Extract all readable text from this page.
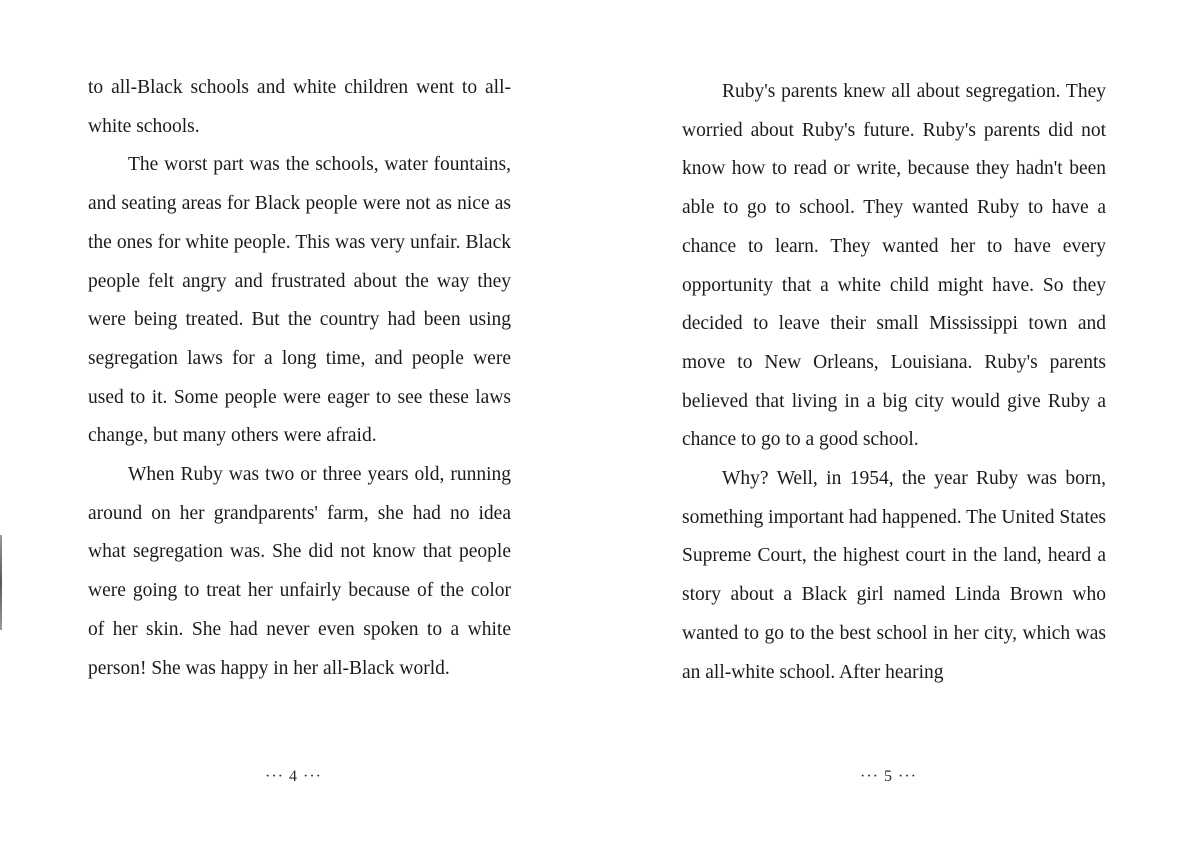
to all-Black schools and white children went to all-white schools.

The worst part was the schools, water fountains, and seating areas for Black people were not as nice as the ones for white people. This was very unfair. Black people felt angry and frustrated about the way they were being treated. But the country had been using segregation laws for a long time, and people were used to it. Some people were eager to see these laws change, but many others were afraid.

When Ruby was two or three years old, running around on her grandparents' farm, she had no idea what segregation was. She did not know that people were going to treat her unfairly because of the color of her skin. She had never even spoken to a white person! She was happy in her all-Black world.

··· 4 ···

Ruby's parents knew all about segregation. They worried about Ruby's future. Ruby's parents did not know how to read or write, because they hadn't been able to go to school. They wanted Ruby to have a chance to learn. They wanted her to have every opportunity that a white child might have. So they decided to leave their small Mississippi town and move to New Orleans, Louisiana. Ruby's parents believed that living in a big city would give Ruby a chance to go to a good school.

Why? Well, in 1954, the year Ruby was born, something important had happened. The United States Supreme Court, the highest court in the land, heard a story about a Black girl named Linda Brown who wanted to go to the best school in her city, which was an all-white school. After hearing

··· 5 ···
